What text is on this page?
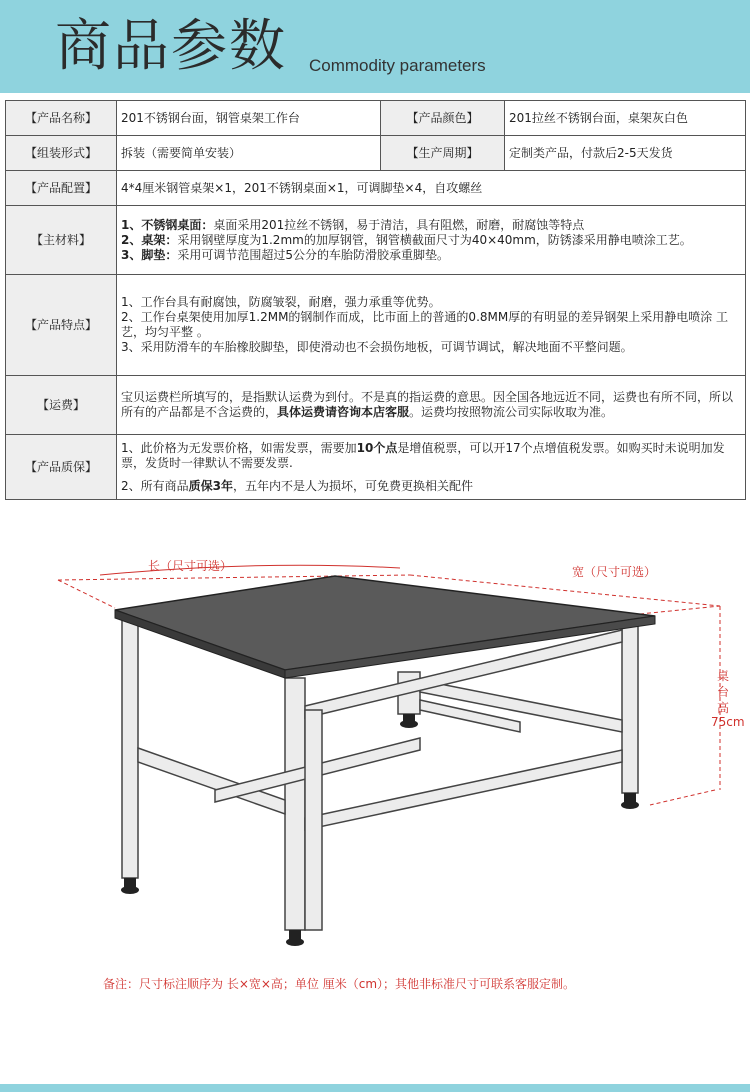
商品参数 Commodity parameters
【产品名称】	201不锈钢台面，钢管桌架工作台	【产品颜色】	201拉丝不锈钢台面，桌架灰白色
【组装形式】	拆装（需要简单安装）	【生产周期】	定制类产品，付款后2-5天发货
【产品配置】	4*4厘米钢管桌架×1，201不锈钢桌面×1，可调脚垫×4，自攻螺丝		
【主材料】	1、不锈钢桌面：桌面采用201拉丝不锈钢，易于清洁，具有阻燃，耐磨，耐腐蚀等特点
2、桌架：采用钢壁厚度为1.2mm的加厚钢管，钢管横截面尺寸为40×40mm，防锈漆采用静电喷涂工艺。
3、脚垫：采用可调节范围超过5公分的车胎防滑胶承重脚垫。		

【产品特点】	1、工作台具有耐腐蚀，防腐皱裂，耐磨，强力承重等优势。
2、工作台桌架使用加厚1.2MM的钢制作而成，比市面上的普通的0.8MM厚的有明显的差异钢架上采用静电喷涂 工艺，均匀平整 。
3、采用防滑车的车胎橡胶脚垫，即使滑动也不会损伤地板，可调节调试，解决地面不平整问题。		

【运费】	宝贝运费栏所填写的，是指默认运费为到付。不是真的指运费的意思。因全国各地远近不同，运费也有所不同，所以所有的产品都是不含运费的，具体运费请咨询本店客服。运费均按照物流公司实际收取为准。		
【产品质保】	1、此价格为无发票价格，如需发票，需要加10个点是增值税票，可以开17个点增值税发票。如购买时未说明加发票，发货时一律默认不需要发票.
2、所有商品质保3年，五年内不是人为损坏，可免费更换相关配件		
长（尺寸可选）	宽（尺寸可选）
桌
台
高
75cm
备注：尺寸标注顺序为 长×宽×高；单位 厘米（cm）；其他非标准尺寸可联系客服定制。
